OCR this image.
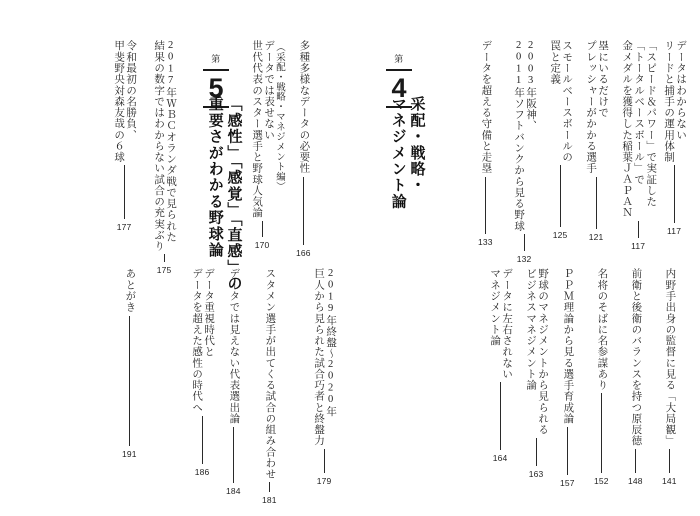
第
4
采配・戦略・
マネジメント論
データはわからない
リードと捕手の運用体制
117
「スピード＆パワー」で実証した
「トータルベースボール」で
金メダルを獲得した稲葉ＪＡＰＡＮ
117
塁にいるだけで
プレッシャーがかかる選手
121
スモールベースボールの
罠と定義
125
2003年阪神、
2011年ソフトバンクから見る野球
132
データを超える守備と走塁
133
内野手出身の監督に見る「大局観」
141
前衛と後衛のバランスを持つ原辰徳
148
名将のそばに名参謀あり
152
ＰＰＭ理論から見る選手育成論
157
野球のマネジメントから見られる
ビジネスマネジメント論
163
データに左右されない
マネジメント論
164
第
5
「感性」「感覚」「直感」の
重要さがわかる野球論	（采配・戦略・マネジメント編） 多種多様なデータの必要性
166
データでは表せない
世代代表のスター選手と野球人気論
170
2017年ＷＢＣオランダ戦で見られた
結果の数字ではわからない試合の充実ぶり
175
令和最初の名勝負、
甲斐野央対森友哉の６球
177
2019年終盤～2020年
巨人から見られた試合巧者と終盤力
179
スタメン選手が出てくる試合の組み合わせ
181
データでは見えない代表選出論
184
データ重視時代と
データを超えた感性の時代へ
186
あとがき
191
